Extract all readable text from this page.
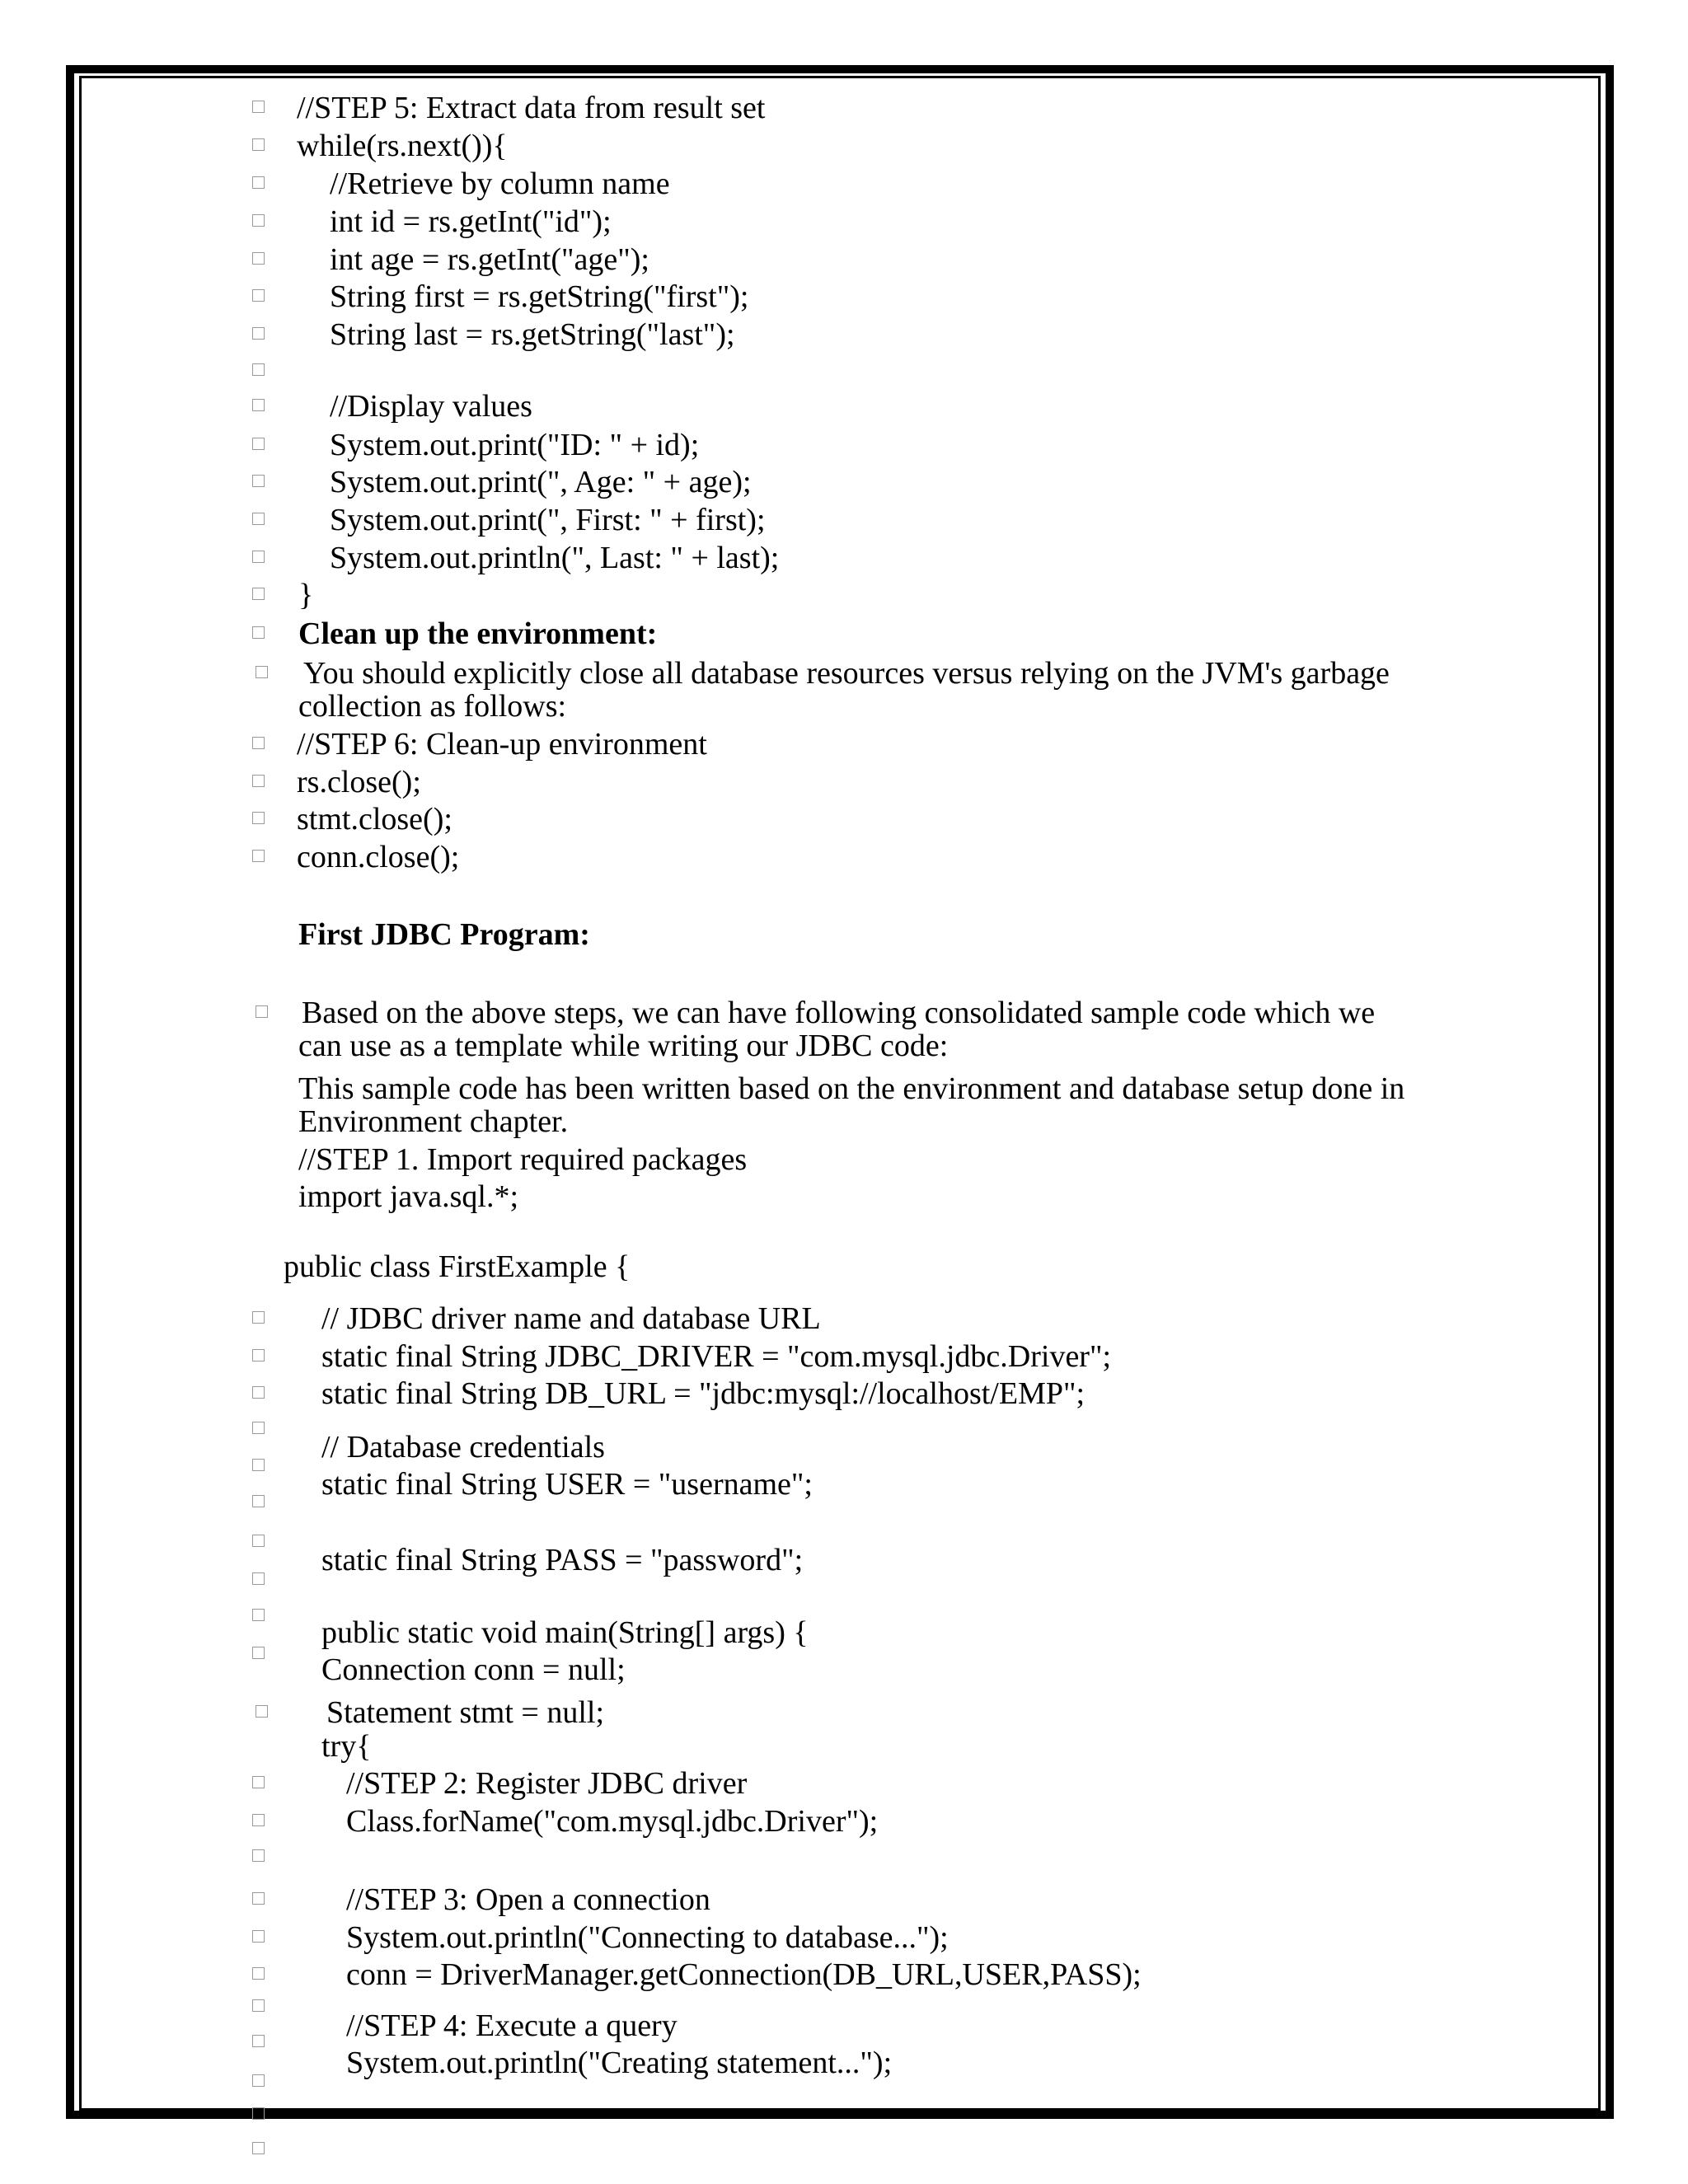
//STEP 5: Extract data from result set
while(rs.next()){
//Retrieve by column name
int id = rs.getInt("id");
int age = rs.getInt("age");
String first = rs.getString("first");
String last = rs.getString("last");
//Display values
System.out.print("ID: " + id);
System.out.print(", Age: " + age);
System.out.print(", First: " + first);
System.out.println(", Last: " + last);
}
Clean up the environment:
You should explicitly close all database resources versus relying on the JVM's garbage
collection as follows:
//STEP 6: Clean-up environment
rs.close();
stmt.close();
conn.close();
First JDBC Program:
Based on the above steps, we can have following consolidated sample code which we
can use as a template while writing our JDBC code:
This sample code has been written based on the environment and database setup done in
Environment chapter.
//STEP 1. Import required packages
import java.sql.*;
public class FirstExample {
// JDBC driver name and database URL
static final String JDBC_DRIVER = "com.mysql.jdbc.Driver";
static final String DB_URL = "jdbc:mysql://localhost/EMP";
// Database credentials
static final String USER = "username";
static final String PASS = "password";
public static void main(String[] args) {
Connection conn = null;
Statement stmt = null;
try{
//STEP 2: Register JDBC driver
Class.forName("com.mysql.jdbc.Driver");
//STEP 3: Open a connection
System.out.println("Connecting to database...");
conn = DriverManager.getConnection(DB_URL,USER,PASS);
//STEP 4: Execute a query
System.out.println("Creating statement...");
